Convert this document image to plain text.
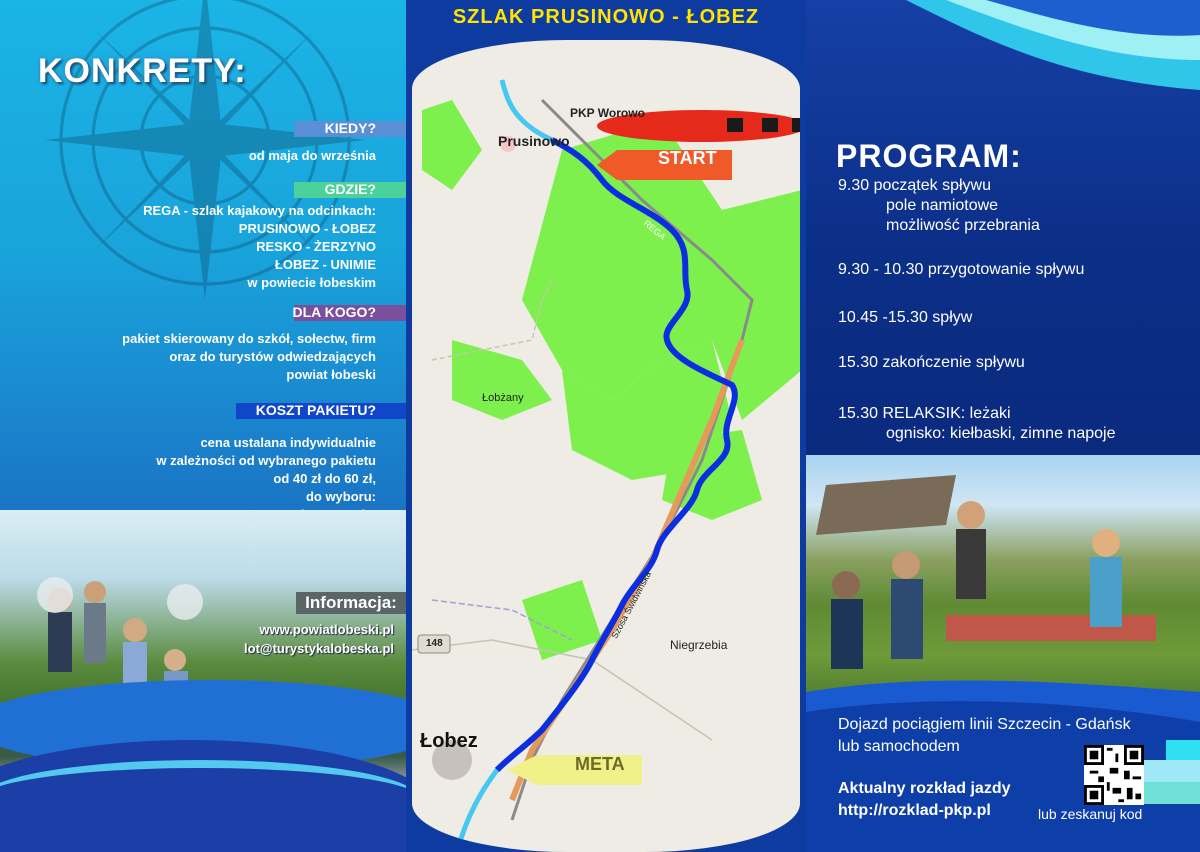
KONKRETY:
KIEDY?
od maja do września
GDZIE?
REGA - szlak kajakowy na odcinkach:
PRUSINOWO - ŁOBEZ
RESKO - ŻERZYNO
ŁOBEZ - UNIMIE
w powiecie łobeskim
DLA KOGO?
pakiet skierowany do szkół, sołectw, firm
oraz do turystów odwiedzających
powiat łobeski
KOSZT PAKIETU?
cena ustalana indywidualnie
w zależności od wybranego pakietu
od 40 zł do 60 zł,
do wyboru:
Informacja:
www.powiatlobeski.pl
lot@turystykalobeska.pl
SZLAK PRUSINOWO - ŁOBEZ
PKP Worowo
Prusinowo
START
REGA
Łobżany
Niegrzebia
148
Szosa Świdwińska
Łobez
META
PROGRAM:
9.30 początek spływu
pole namiotowe
możliwość przebrania
9.30 - 10.30 przygotowanie spływu
10.45 -15.30 spływ
15.30 zakończenie spływu
15.30 RELAKSIK: leżaki
ognisko: kiełbaski, zimne napoje
Dojazd pociągiem linii Szczecin - Gdańsk
lub samochodem
Aktualny rozkład jazdy
http://rozklad-pkp.pl	lub zeskanuj kod
